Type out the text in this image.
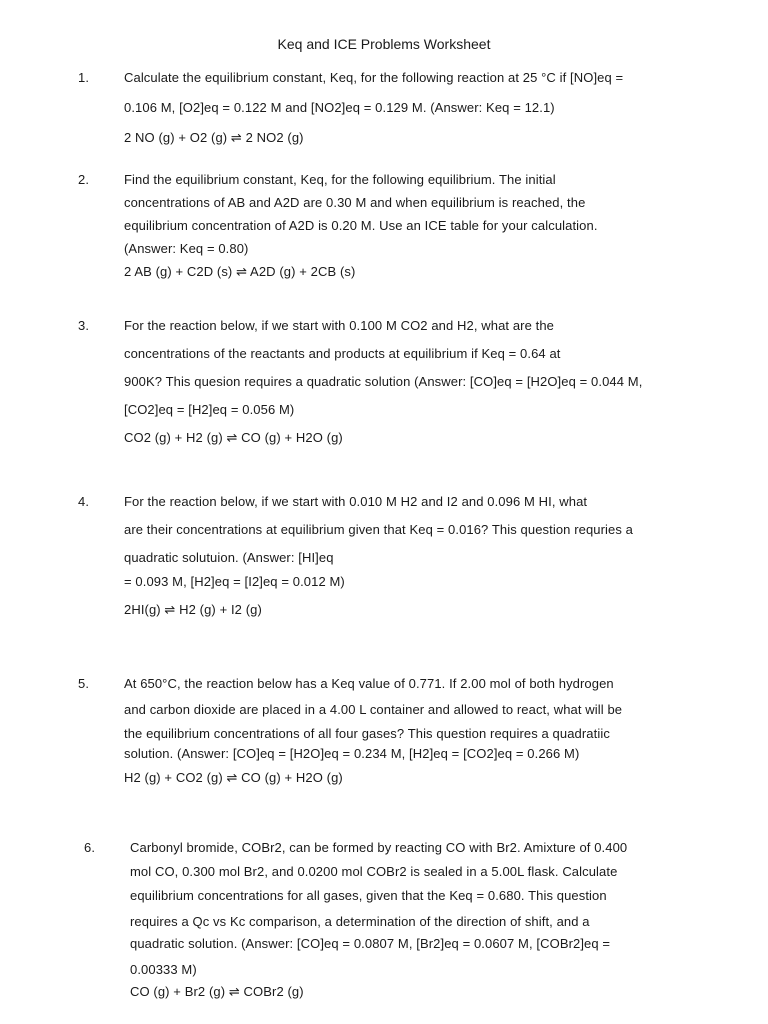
Keq and ICE Problems Worksheet
1.	Calculate the equilibrium constant, Keq, for the following reaction at 25 °C if [NO]eq =
0.106 M, [O2]eq = 0.122 M and [NO2]eq = 0.129 M. (Answer: Keq = 12.1)
2 NO (g) + O2 (g) ⇌ 2 NO2 (g)
2.	Find the equilibrium constant, Keq, for the following equilibrium. The initial
concentrations of AB and A2D are 0.30 M and when equilibrium is reached, the
equilibrium concentration of A2D is 0.20 M. Use an ICE table for your calculation.
(Answer: Keq = 0.80)
2 AB (g) + C2D (s) ⇌ A2D (g) + 2CB (s)
3.	For the reaction below, if we start with 0.100 M CO2 and H2, what are the
concentrations of the reactants and products at equilibrium if Keq = 0.64 at
900K? This quesion requires a quadratic solution (Answer: [CO]eq = [H2O]eq = 0.044 M,
[CO2]eq = [H2]eq = 0.056 M)
CO2 (g) + H2 (g) ⇌ CO (g) + H2O (g)
4.	For the reaction below, if we start with 0.010 M H2 and I2 and 0.096 M HI, what
are their concentrations at equilibrium given that Keq = 0.016? This question requries a
quadratic solutuion. (Answer: [HI]eq
= 0.093 M, [H2]eq = [I2]eq = 0.012 M)
2HI(g) ⇌ H2 (g) + I2 (g)
5.	At 650°C, the reaction below has a Keq value of 0.771. If 2.00 mol of both hydrogen
and carbon dioxide are placed in a 4.00 L container and allowed to react, what will be
the equilibrium concentrations of all four gases? This question requires a quadratiic
solution. (Answer: [CO]eq = [H2O]eq = 0.234 M, [H2]eq = [CO2]eq = 0.266 M)
H2 (g) + CO2 (g) ⇌ CO (g) + H2O (g)
6.	Carbonyl bromide, COBr2, can be formed by reacting CO with Br2. Amixture of 0.400
mol CO, 0.300 mol Br2, and 0.0200 mol COBr2 is sealed in a 5.00L flask. Calculate
equilibrium concentrations for all gases, given that the Keq = 0.680. This question
requires a Qc vs Kc comparison, a determination of the direction of shift, and a
quadratic solution. (Answer: [CO]eq = 0.0807 M, [Br2]eq = 0.0607 M, [COBr2]eq =
0.00333 M)
CO (g) + Br2 (g) ⇌ COBr2 (g)
